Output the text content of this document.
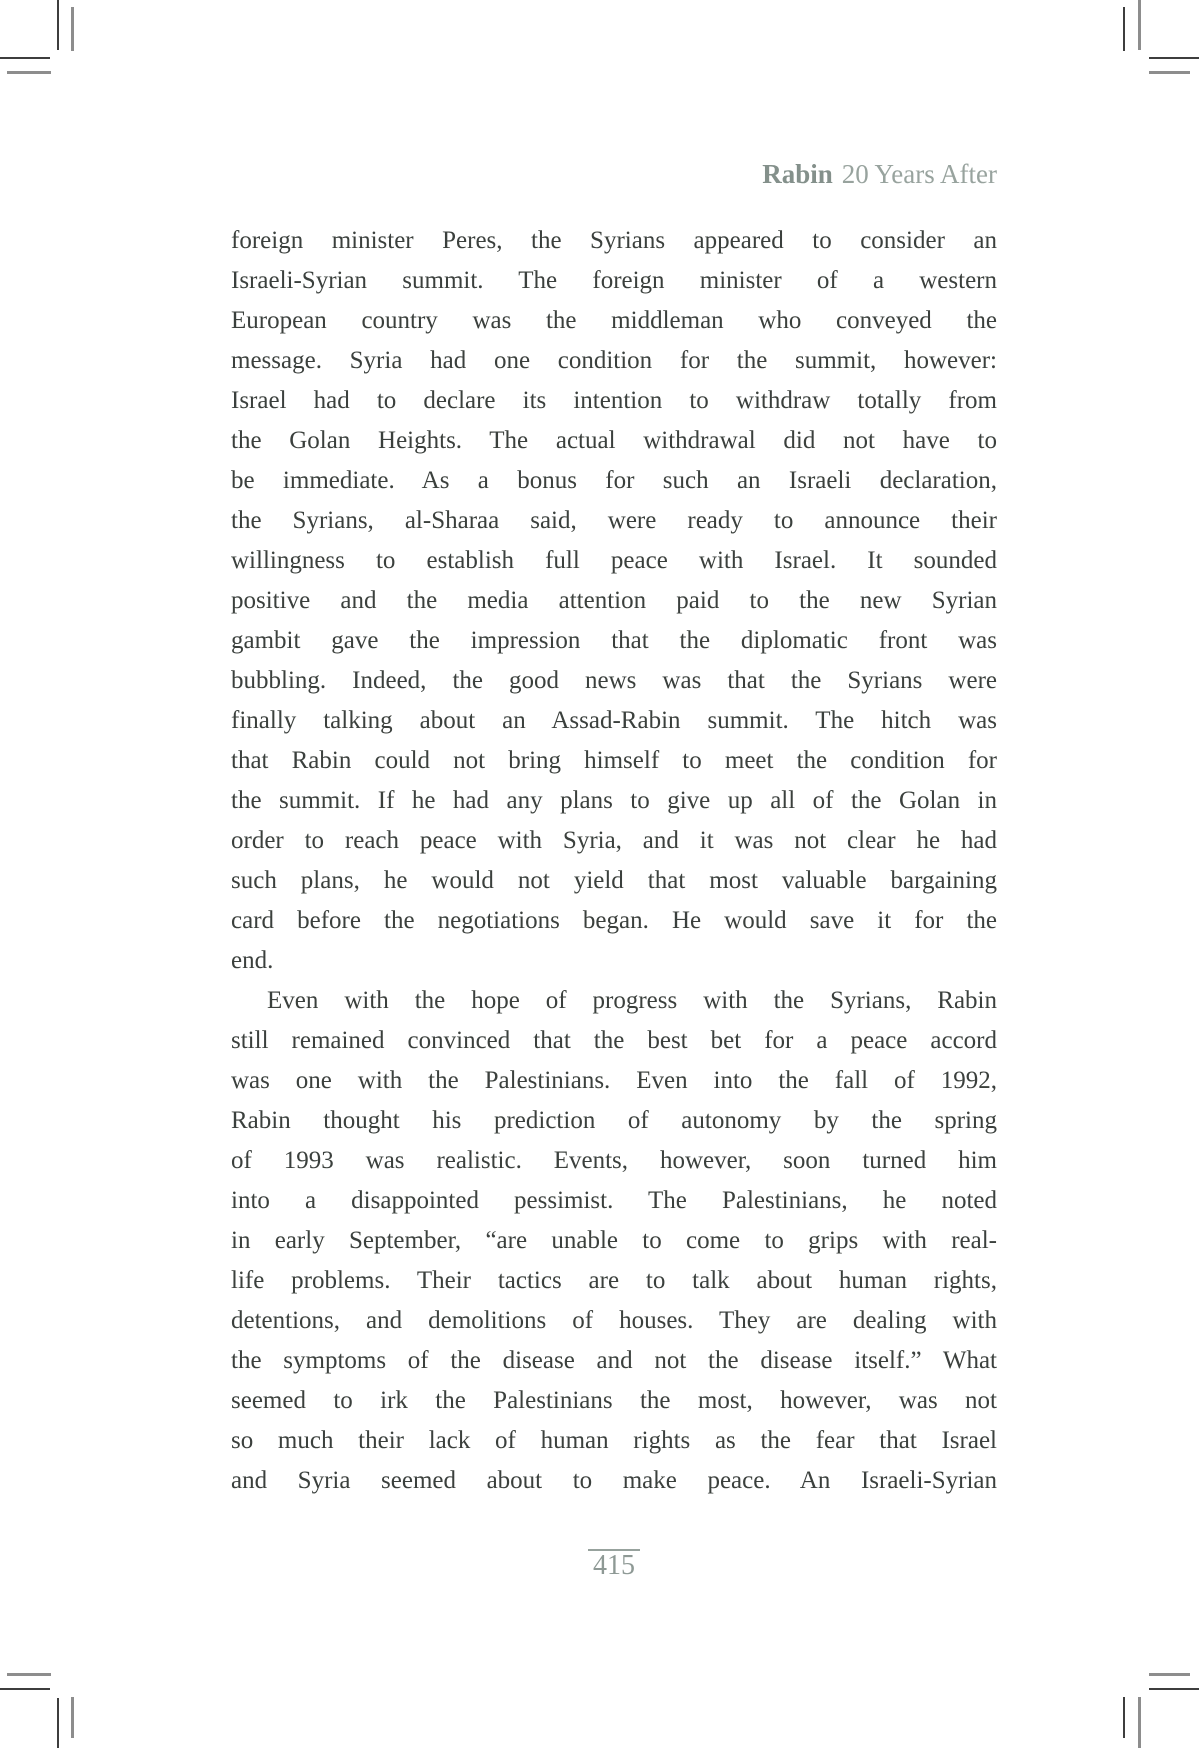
Rabin 20 Years After
foreign minister Peres, the Syrians appeared to consider an
Israeli-Syrian summit. The foreign minister of a western
European country was the middleman who conveyed the
message. Syria had one condition for the summit, however:
Israel had to declare its intention to withdraw totally from
the Golan Heights. The actual withdrawal did not have to
be immediate. As a bonus for such an Israeli declaration,
the Syrians, al-Sharaa said, were ready to announce their
willingness to establish full peace with Israel. It sounded
positive and the media attention paid to the new Syrian
gambit gave the impression that the diplomatic front was
bubbling. Indeed, the good news was that the Syrians were
finally talking about an Assad-Rabin summit. The hitch was
that Rabin could not bring himself to meet the condition for
the summit. If he had any plans to give up all of the Golan in
order to reach peace with Syria, and it was not clear he had
such plans, he would not yield that most valuable bargaining
card before the negotiations began. He would save it for the
end.
Even with the hope of progress with the Syrians, Rabin
still remained convinced that the best bet for a peace accord
was one with the Palestinians. Even into the fall of 1992,
Rabin thought his prediction of autonomy by the spring
of 1993 was realistic. Events, however, soon turned him
into a disappointed pessimist. The Palestinians, he noted
in early September, “are unable to come to grips with real-
life problems. Their tactics are to talk about human rights,
detentions, and demolitions of houses. They are dealing with
the symptoms of the disease and not the disease itself.” What
seemed to irk the Palestinians the most, however, was not
so much their lack of human rights as the fear that Israel
and Syria seemed about to make peace. An Israeli-Syrian
415
